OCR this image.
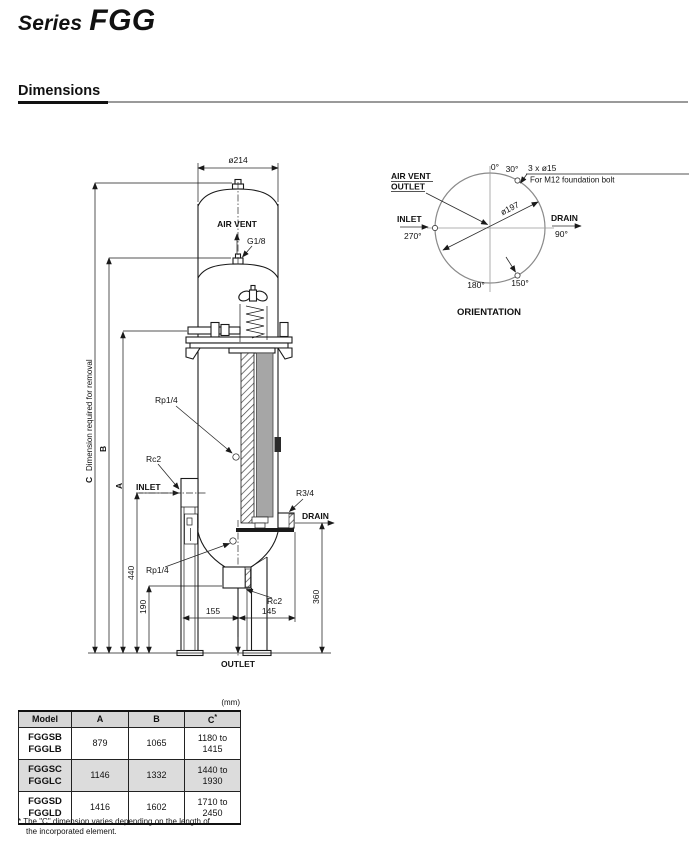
Series FGG
Dimensions
AIR VENT
G1/8
Rp1/4
Rc2
INLET
R3/4
DRAIN
Rp1/4
Rc2
OUTLET
ø214
C
Dimension required for removal B
A
440
190
360
155	145
0° 30°
180°	150°
3 x ø15
For M12 foundation bolt
AIR VENT
OUTLET
INLET
270°
DRAIN
90°
ø197
ORIENTATION
(mm)
Model	A	B	C*

FGGSB
FGGLB	879	1065	1180 to 1415

FGGSC
FGGLC	1146	1332	1440 to 1930

FGGSD
FGGLD	1416	1602	1710 to 2450
* The "C" dimension varies depending on the length of
the incorporated element.
